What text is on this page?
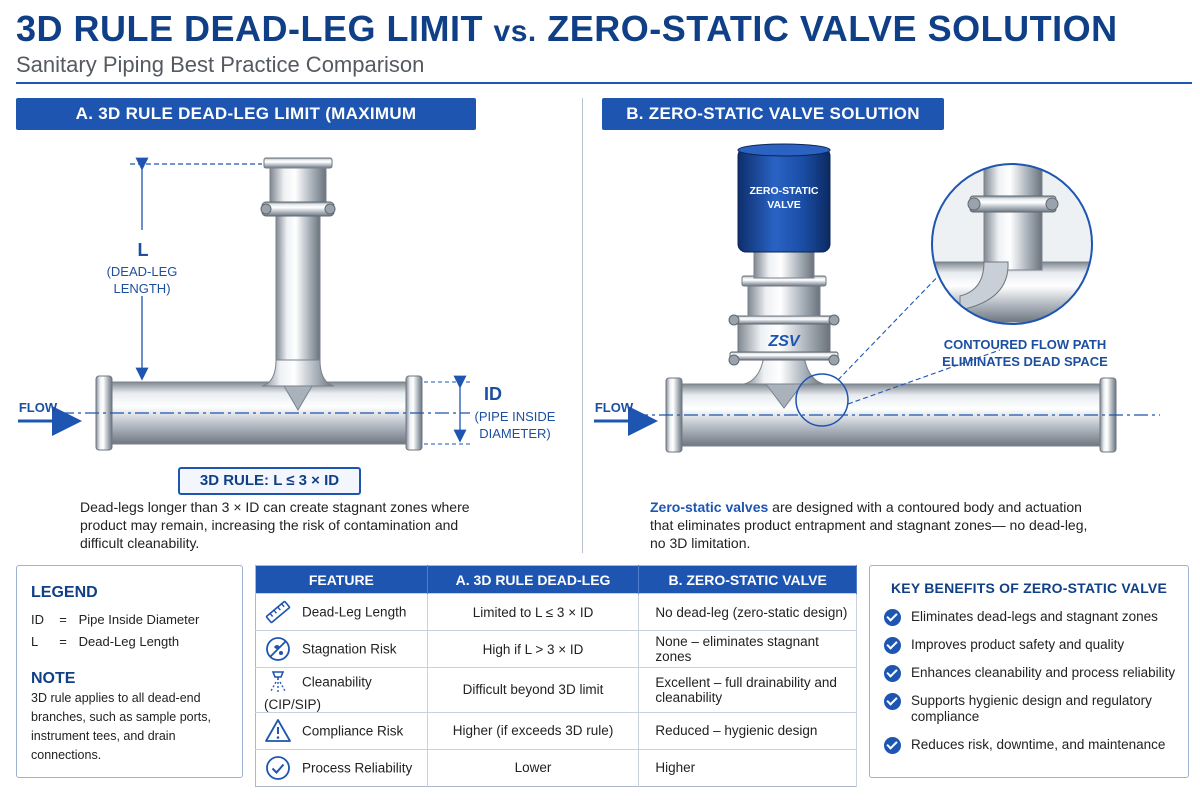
3D RULE DEAD-LEG LIMIT vs. ZERO-STATIC VALVE SOLUTION
Sanitary Piping Best Practice Comparison
A. 3D RULE DEAD-LEG LIMIT (MAXIMUM ALLOWABLE)
B. ZERO-STATIC VALVE SOLUTION
ZERO-STATIC
VALVE
ZSV
L
(DEAD-LEG
LENGTH)
ID
(PIPE INSIDE
DIAMETER)
FLOW
3D RULE: L ≤ 3 × ID
Dead-legs longer than 3 × ID can create stagnant zones where product may remain, increasing the risk of contamination and difficult cleanability.
FLOW
CONTOURED FLOW PATH
ELIMINATES DEAD SPACE
Zero-static valves are designed with a contoured body and actuation that eliminates product entrapment and stagnant zones— no dead-leg, no 3D limitation.
LEGEND
ID = Pipe Inside Diameter
L = Dead-Leg Length
NOTE
3D rule applies to all dead-end branches, such as sample ports, instrument tees, and drain connections.
FEATURE	A. 3D RULE DEAD-LEG	B. ZERO-STATIC VALVE
Dead-Leg Length	Limited to L ≤ 3 × ID	No dead-leg (zero-static design)
Stagnation Risk	High if L > 3 × ID	None – eliminates stagnant zones
Cleanability (CIP/SIP)	Difficult beyond 3D limit	Excellent – full drainability and cleanability
Compliance Risk	Higher (if exceeds 3D rule)	Reduced – hygienic design
Process Reliability	Lower	Higher
KEY BENEFITS OF ZERO-STATIC VALVE
Eliminates dead-legs and stagnant zones
Improves product safety and quality
Enhances cleanability and process reliability
Supports hygienic design and regulatory compliance
Reduces risk, downtime, and maintenance
